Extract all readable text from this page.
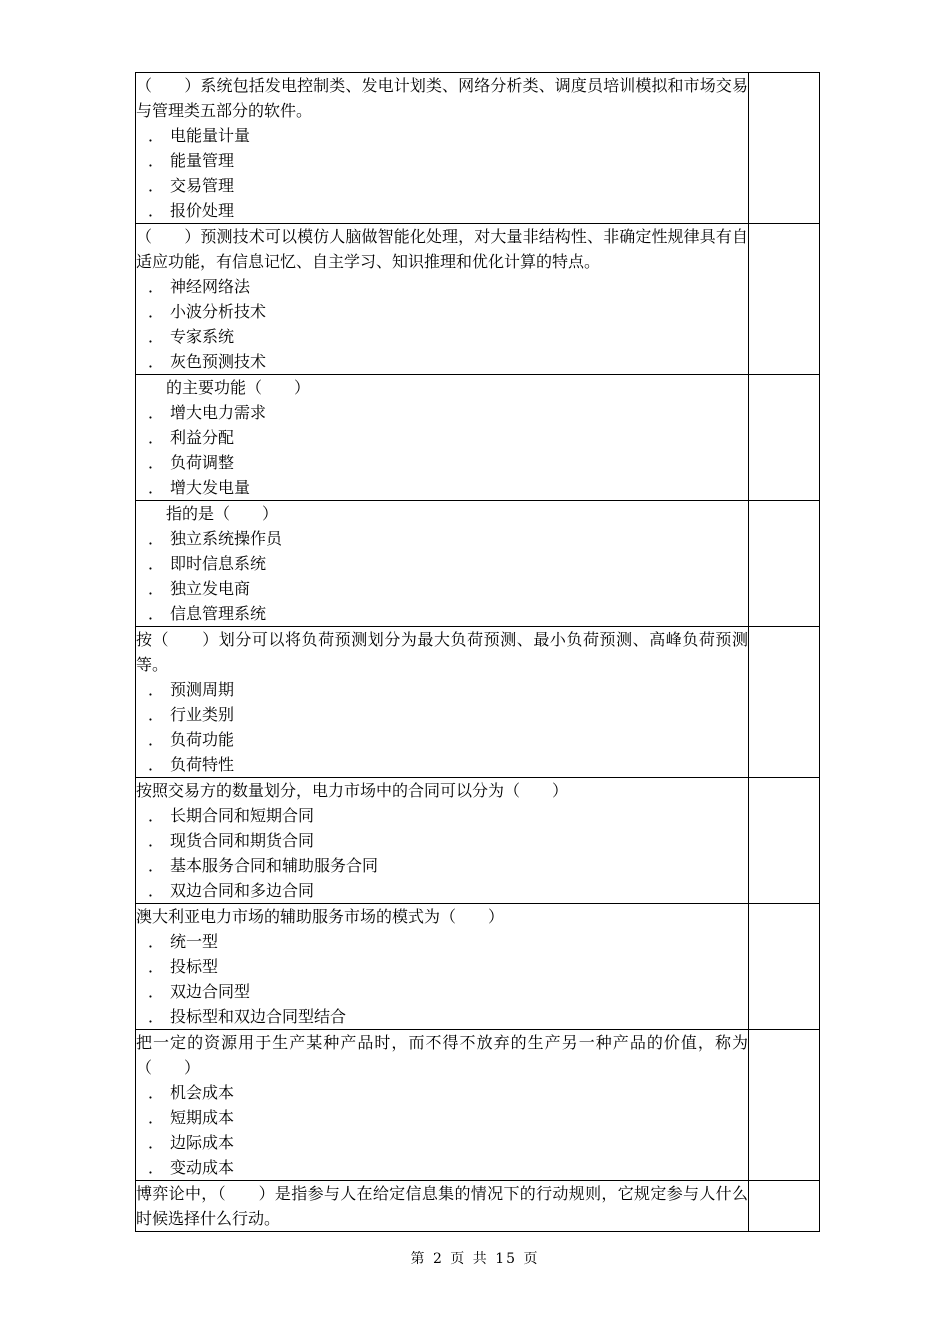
（　　）系统包括发电控制类、发电计划类、网络分析类、调度员培训模拟和市场交易与管理类五部分的软件。
． 电能量计量
． 能量管理
． 交易管理
． 报价处理	

（　　）预测技术可以模仿人脑做智能化处理，对大量非结构性、非确定性规律具有自适应功能，有信息记忆、自主学习、知识推理和优化计算的特点。
． 神经网络法
． 小波分析技术
． 专家系统
． 灰色预测技术	

的主要功能（　　）
． 增大电力需求
． 利益分配
． 负荷调整
． 增大发电量	

指的是（　　）
． 独立系统操作员
． 即时信息系统
． 独立发电商
． 信息管理系统	

按（　　）划分可以将负荷预测划分为最大负荷预测、最小负荷预测、高峰负荷预测等。
． 预测周期
． 行业类别
． 负荷功能
． 负荷特性	

按照交易方的数量划分，电力市场中的合同可以分为（　　）
． 长期合同和短期合同
． 现货合同和期货合同
． 基本服务合同和辅助服务合同
． 双边合同和多边合同	

澳大利亚电力市场的辅助服务市场的模式为（　　）
． 统一型
． 投标型
． 双边合同型
． 投标型和双边合同型结合	

把一定的资源用于生产某种产品时，而不得不放弃的生产另一种产品的价值，称为（　　）
． 机会成本
． 短期成本
． 边际成本
． 变动成本	

博弈论中，（　　）是指参与人在给定信息集的情况下的行动规则，它规定参与人什么时候选择什么行动。	

第 2 页 共 15 页
